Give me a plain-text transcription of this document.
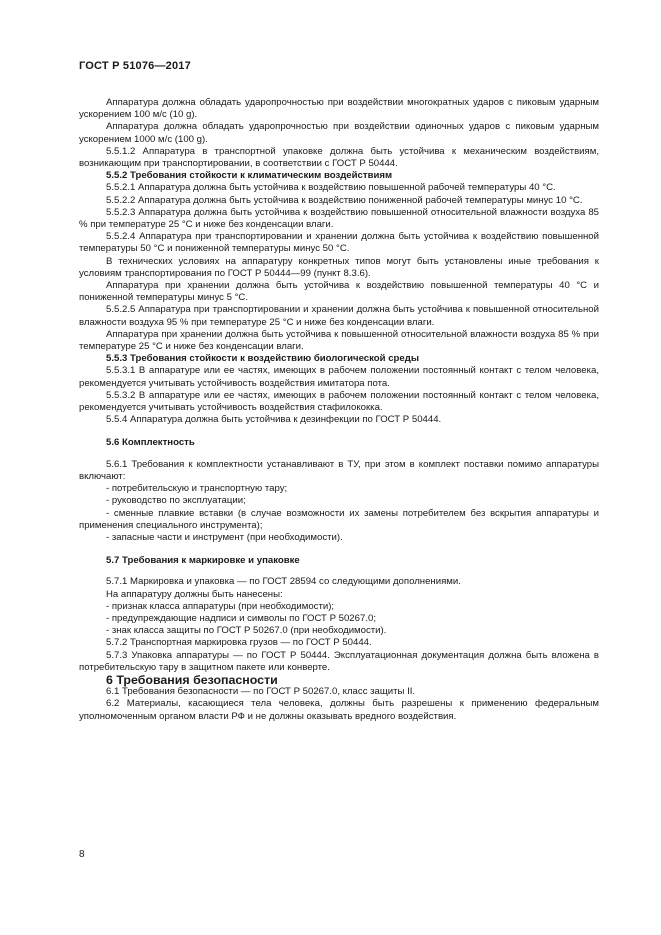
ГОСТ Р 51076—2017

Аппаратура должна обладать ударопрочностью при воздействии многократных ударов с пиковым ударным ускорением 100 м/с (10 g).

Аппаратура должна обладать ударопрочностью при воздействии одиночных ударов с пиковым ударным ускорением 1000 м/с (100 g).

5.5.1.2 Аппаратура в транспортной упаковке должна быть устойчива к механическим воздействиям, возникающим при транспортировании, в соответствии с ГОСТ Р 50444.

5.5.2 Требования стойкости к климатическим воздействиям

5.5.2.1 Аппаратура должна быть устойчива к воздействию повышенной рабочей температуры 40 °С.

5.5.2.2 Аппаратура должна быть устойчива к воздействию пониженной рабочей температуры минус 10 °С.

5.5.2.3 Аппаратура должна быть устойчива к воздействию повышенной относительной влажности воздуха 85 % при температуре 25 °С и ниже без конденсации влаги.

5.5.2.4 Аппаратура при транспортировании и хранении должна быть устойчива к воздействию повышенной температуры 50 °С и пониженной температуры минус 50 °С.

В технических условиях на аппаратуру конкретных типов могут быть установлены иные требования к условиям транспортирования по ГОСТ Р 50444—99 (пункт 8.3.6).

Аппаратура при хранении должна быть устойчива к воздействию повышенной температуры 40 °С и пониженной температуры минус 5 °С.

5.5.2.5 Аппаратура при транспортировании и хранении должна быть устойчива к повышенной относительной влажности воздуха 95 % при температуре 25 °С и ниже без конденсации влаги.

Аппаратура при хранении должна быть устойчива к повышенной относительной влажности воздуха 85 % при температуре 25 °С и ниже без конденсации влаги.

5.5.3 Требования стойкости к воздействию биологической среды

5.5.3.1 В аппаратуре или ее частях, имеющих в рабочем положении постоянный контакт с телом человека, рекомендуется учитывать устойчивость воздействия имитатора пота.

5.5.3.2 В аппаратуре или ее частях, имеющих в рабочем положении постоянный контакт с телом человека, рекомендуется учитывать устойчивость воздействия стафилококка.

5.5.4 Аппаратура должна быть устойчива к дезинфекции по ГОСТ Р 50444.

5.6 Комплектность

5.6.1 Требования к комплектности устанавливают в ТУ, при этом в комплект поставки помимо аппаратуры включают:

- потребительскую и транспортную тару;

- руководство по эксплуатации;

- сменные плавкие вставки (в случае возможности их замены потребителем без вскрытия аппаратуры и применения специального инструмента);

- запасные части и инструмент (при необходимости).

5.7 Требования к маркировке и упаковке

5.7.1 Маркировка и упаковка — по ГОСТ 28594 со следующими дополнениями.

На аппаратуру должны быть нанесены:

- признак класса аппаратуры (при необходимости);

- предупреждающие надписи и символы по ГОСТ Р 50267.0;

- знак класса защиты по ГОСТ Р 50267.0 (при необходимости).

5.7.2 Транспортная маркировка грузов — по ГОСТ Р 50444.

5.7.3 Упаковка аппаратуры — по ГОСТ Р 50444. Эксплуатационная документация должна быть вложена в потребительскую тару в защитном пакете или конверте.

6 Требования безопасности

6.1 Требования безопасности — по ГОСТ Р 50267.0, класс защиты II.

6.2 Материалы, касающиеся тела человека, должны быть разрешены к применению федеральным уполномоченным органом власти РФ и не должны оказывать вредного воздействия.

8
